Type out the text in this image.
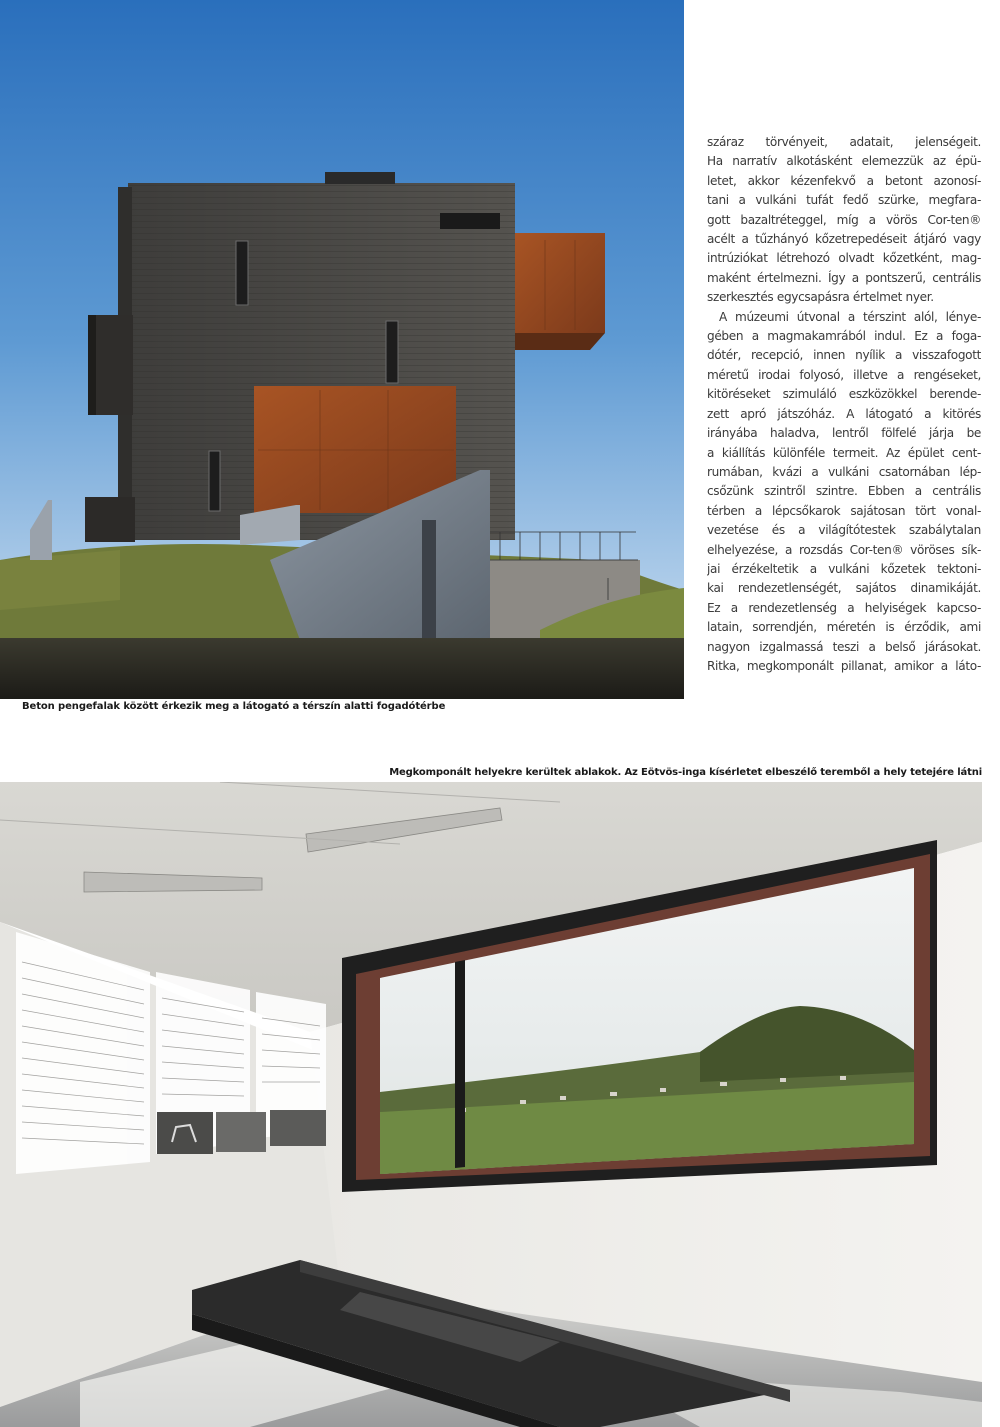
Beton pengefalak között érkezik meg a látogató a térszín alatti fogadótérbe
száraz törvényeit, adatait, jelenségeit.
Ha narratív alkotásként elemezzük az épü-
letet, akkor kézenfekvő a betont azonosí-
tani a vulkáni tufát fedő szürke, megfara-
gott bazaltréteggel, míg a vörös Cor-ten®
acélt a tűzhányó kőzetrepedéseit átjáró vagy
intrúziókat létrehozó olvadt kőzetként, mag-
maként értelmezni. Így a pontszerű, centrális
szerkesztés egycsapásra értelmet nyer.
A múzeumi útvonal a térszint alól, lénye-
gében a magmakamrából indul. Ez a foga-
dótér, recepció, innen nyílik a visszafogott
méretű irodai folyosó, illetve a rengéseket,
kitöréseket szimuláló eszközökkel berende-
zett apró játszóház. A látogató a kitörés
irányába haladva, lentről fölfelé járja be
a kiállítás különféle termeit. Az épület cent-
rumában, kvázi a vulkáni csatornában lép-
csőzünk szintről szintre. Ebben a centrális
térben a lépcsőkarok sajátosan tört vonal-
vezetése és a világítótestek szabálytalan
elhelyezése, a rozsdás Cor-ten® vöröses sík-
jai érzékeltetik a vulkáni kőzetek tektoni-
kai rendezetlenségét, sajátos dinamikáját.
Ez a rendezetlenség a helyiségek kapcso-
latain, sorrendjén, méretén is érződik, ami
nagyon izgalmassá teszi a belső járásokat.
Ritka, megkomponált pillanat, amikor a láto-
Megkomponált helyekre kerültek ablakok. Az Eötvös-inga kísérletet elbeszélő teremből a hely tetejére látni
